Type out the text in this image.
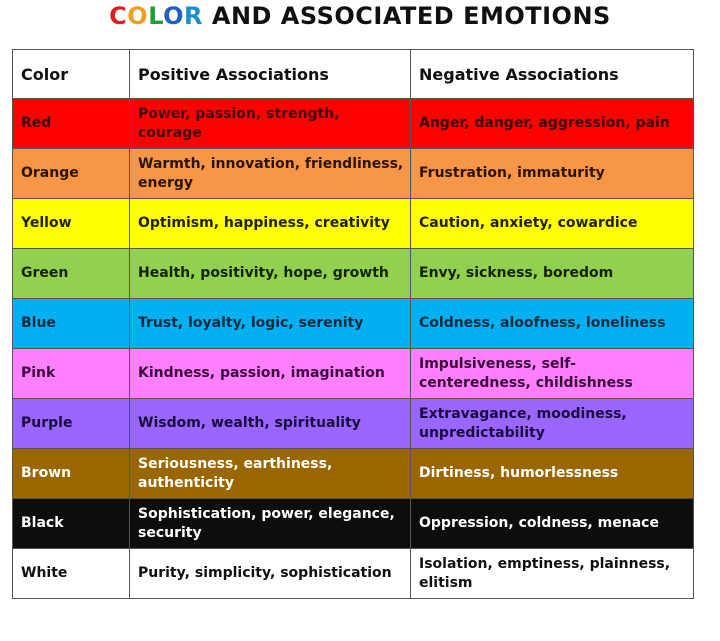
COLOR AND ASSOCIATED EMOTIONS
Color	Positive Associations	Negative Associations
Red	Power, passion, strength, courage	Anger, danger, aggression, pain
Orange	Warmth, innovation, friendliness, energy	Frustration, immaturity
Yellow	Optimism, happiness, creativity	Caution, anxiety, cowardice
Green	Health, positivity, hope, growth	Envy, sickness, boredom
Blue	Trust, loyalty, logic, serenity	Coldness, aloofness, loneliness
Pink	Kindness, passion, imagination	Impulsiveness, self-centeredness, childishness
Purple	Wisdom, wealth, spirituality	Extravagance, moodiness, unpredictability
Brown	Seriousness, earthiness, authenticity	Dirtiness, humorlessness
Black	Sophistication, power, elegance, security	Oppression, coldness, menace
White	Purity, simplicity, sophistication	Isolation, emptiness, plainness, elitism
